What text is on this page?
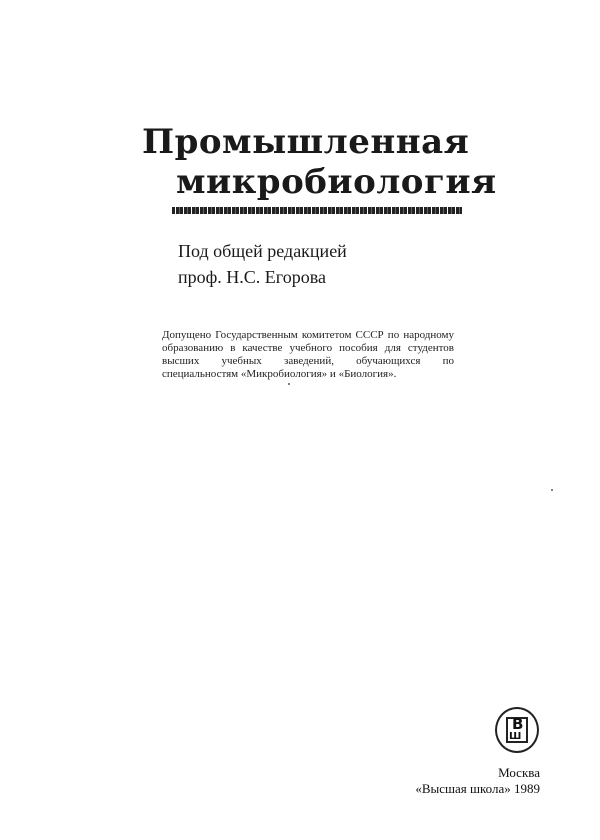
Промышленная
микробиология
Под общей редакцией
проф. Н.С. Егорова

Допущено Государственным комитетом СССР по народному образованию в качестве учебного пособия для студентов высших учебных заведений, обучающихся по специальностям «Микробиология» и «Биология».

В
Ш
Москва
«Высшая школа» 1989
